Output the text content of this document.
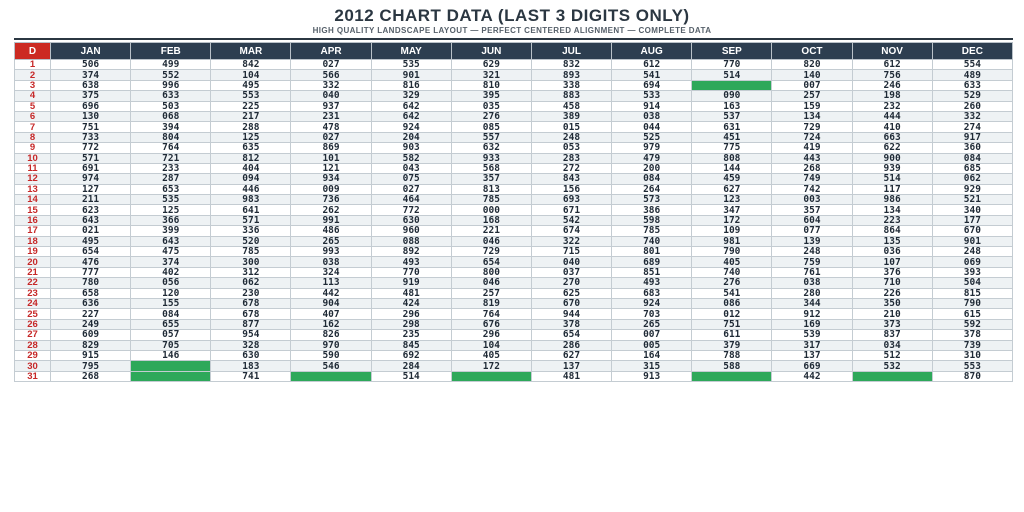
2012 CHART DATA (LAST 3 DIGITS ONLY)
HIGH QUALITY LANDSCAPE LAYOUT — PERFECT CENTERED ALIGNMENT — COMPLETE DATA
D	JAN	FEB	MAR	APR	MAY	JUN	JUL	AUG	SEP	OCT	NOV	DEC
1	506	499	842	027	535	629	832	612	770	820	612	554
2	374	552	104	566	901	321	893	541	514	140	756	489
3	638	996	495	332	816	810	338	694		007	246	633
4	375	633	553	040	329	395	883	533	090	257	198	529
5	696	503	225	937	642	035	458	914	163	159	232	260
6	130	068	217	231	642	276	389	038	537	134	444	332
7	751	394	288	478	924	085	015	044	631	729	410	274
8	733	804	125	027	204	557	248	525	451	724	663	917
9	772	764	635	869	903	632	053	979	775	419	622	360
10	571	721	812	101	582	933	283	479	808	443	900	084
11	691	233	404	121	043	568	272	200	144	268	939	685
12	974	287	094	934	075	357	843	084	459	749	514	062
13	127	653	446	009	027	813	156	264	627	742	117	929
14	211	535	983	736	464	785	693	573	123	003	986	521
15	623	125	641	262	772	000	671	386	347	357	134	340
16	643	366	571	991	630	168	542	598	172	604	223	177
17	021	399	336	486	960	221	674	785	109	077	864	670
18	495	643	520	265	088	046	322	740	981	139	135	901
19	654	475	785	993	892	729	715	801	790	248	036	248
20	476	374	300	038	493	654	040	689	405	759	107	069
21	777	402	312	324	770	800	037	851	740	761	376	393
22	780	056	062	113	919	046	270	493	276	038	710	504
23	658	120	230	442	481	257	625	683	541	280	226	815
24	636	155	678	904	424	819	670	924	086	344	350	790
25	227	084	678	407	296	764	944	703	012	912	210	615
26	249	655	877	162	298	676	378	265	751	169	373	592
27	609	057	954	826	235	296	654	007	611	539	837	378
28	829	705	328	970	845	104	286	005	379	317	034	739
29	915	146	630	590	692	405	627	164	788	137	512	310
30	795		183	546	284	172	137	315	588	669	532	553
31	268		741		514		481	913		442		870
